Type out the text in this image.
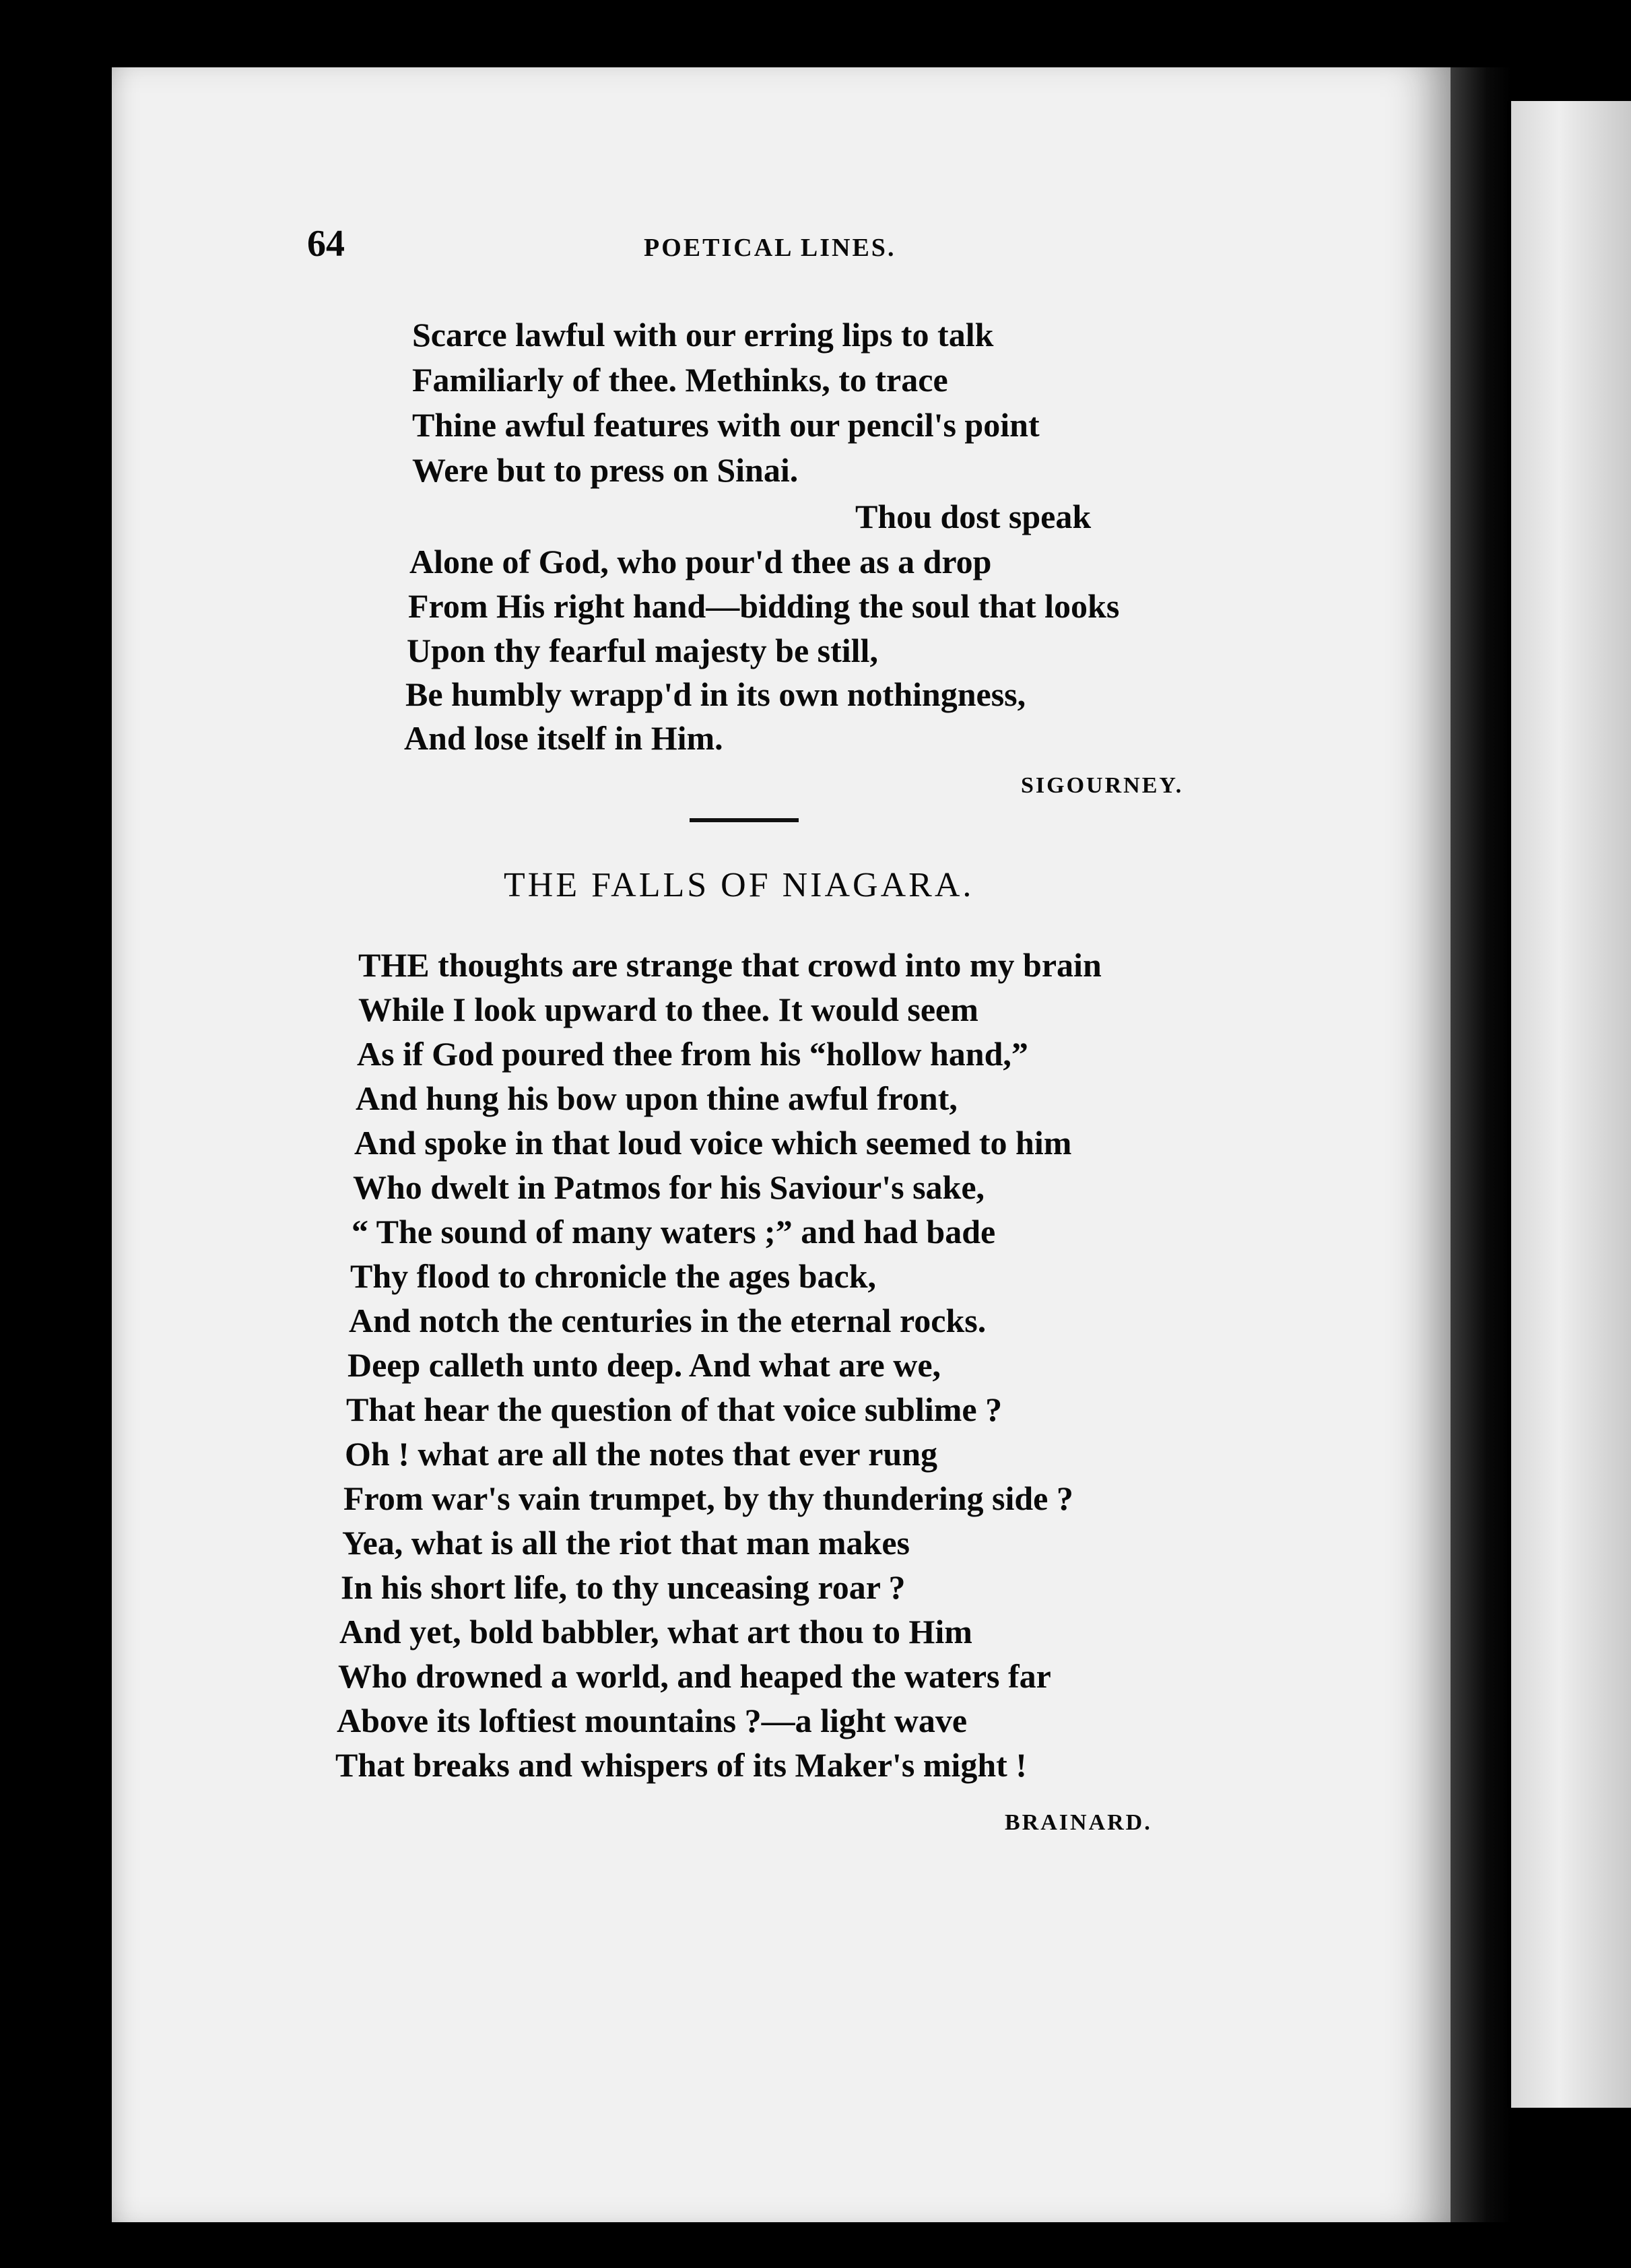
64	POETICAL LINES.
Scarce lawful with our erring lips to talk
Familiarly of thee. Methinks, to trace
Thine awful features with our pencil's point
Were but to press on Sinai.
Thou dost speak
Alone of God, who pour'd thee as a drop
From His right hand—bidding the soul that looks
Upon thy fearful majesty be still,
Be humbly wrapp'd in its own nothingness,
And lose itself in Him.
SIGOURNEY.
THE FALLS OF NIAGARA.
THE thoughts are strange that crowd into my brain
While I look upward to thee. It would seem
As if God poured thee from his “hollow hand,”
And hung his bow upon thine awful front,
And spoke in that loud voice which seemed to him
Who dwelt in Patmos for his Saviour's sake,
“ The sound of many waters ;” and had bade
Thy flood to chronicle the ages back,
And notch the centuries in the eternal rocks.
Deep calleth unto deep. And what are we,
That hear the question of that voice sublime ?
Oh ! what are all the notes that ever rung
From war's vain trumpet, by thy thundering side ?
Yea, what is all the riot that man makes
In his short life, to thy unceasing roar ?
And yet, bold babbler, what art thou to Him
Who drowned a world, and heaped the waters far
Above its loftiest mountains ?—a light wave
That breaks and whispers of its Maker's might !
BRAINARD.
